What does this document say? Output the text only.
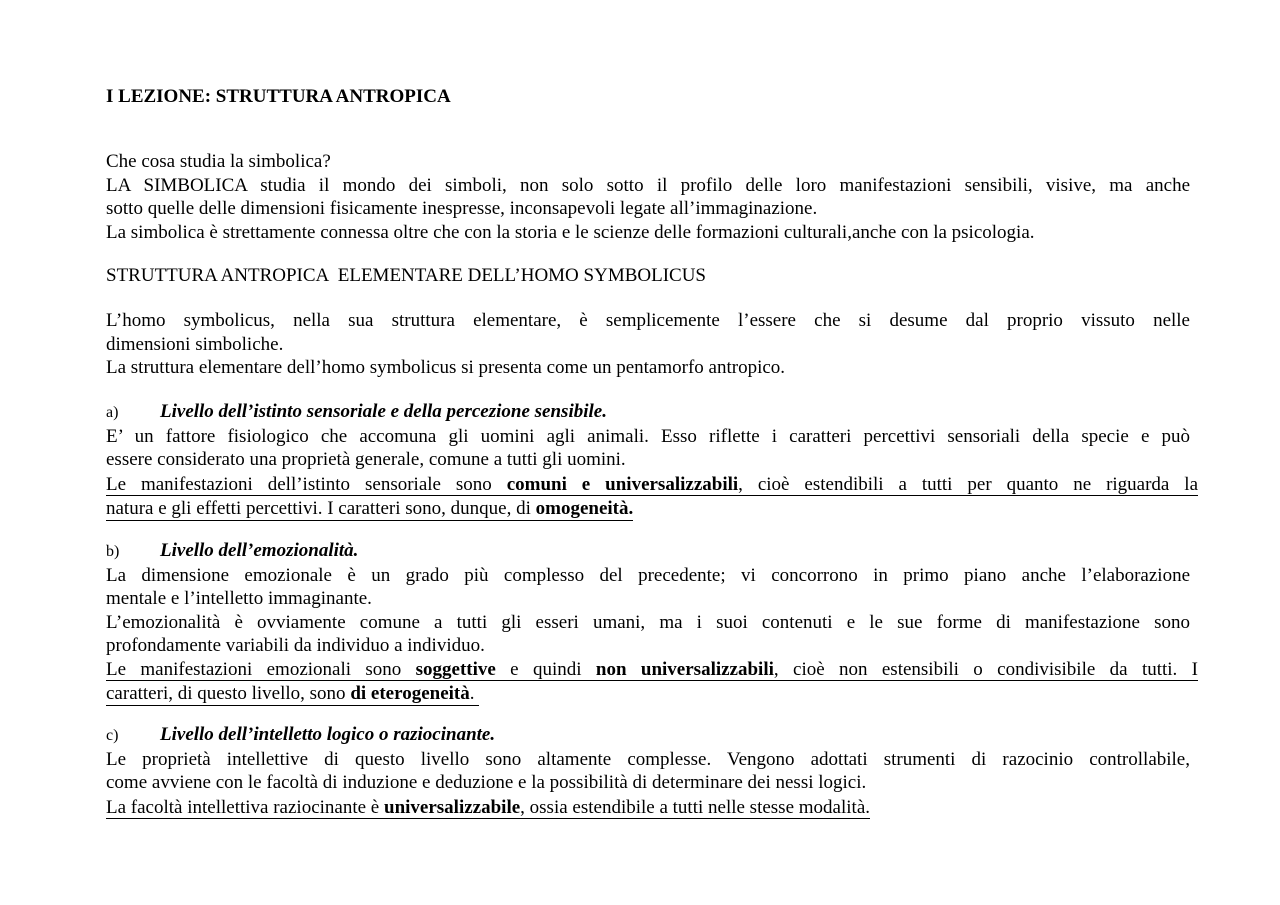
I LEZIONE: STRUTTURA ANTROPICA
Che cosa studia la simbolica?
LA SIMBOLICA studia il mondo dei simboli, non solo sotto il profilo delle loro manifestazioni sensibili, visive, ma anche
sotto quelle delle dimensioni fisicamente inespresse, inconsapevoli legate all’immaginazione.
La simbolica è strettamente connessa oltre che con la storia e le scienze delle formazioni culturali,anche con la psicologia.
STRUTTURA ANTROPICA  ELEMENTARE DELL’HOMO SYMBOLICUS
L’homo symbolicus, nella sua struttura elementare, è semplicemente l’essere che si desume dal proprio vissuto nelle
dimensioni simboliche.
La struttura elementare dell’homo symbolicus si presenta come un pentamorfo antropico.
a) Livello dell’istinto sensoriale e della percezione sensibile.
E’ un fattore fisiologico che accomuna gli uomini agli animali. Esso riflette i caratteri percettivi sensoriali della specie e può
essere considerato una proprietà generale, comune a tutti gli uomini.
Le manifestazioni dell’istinto sensoriale sono comuni e universalizzabili, cioè estendibili a tutti per quanto ne riguarda la
natura e gli effetti percettivi. I caratteri sono, dunque, di omogeneità.
b) Livello dell’emozionalità.
La dimensione emozionale è un grado più complesso del precedente; vi concorrono in primo piano anche l’elaborazione
mentale e l’intelletto immaginante.
L’emozionalità è ovviamente comune a tutti gli esseri umani, ma i suoi contenuti e le sue forme di manifestazione sono
profondamente variabili da individuo a individuo.
Le manifestazioni emozionali sono soggettive e quindi non universalizzabili, cioè non estensibili o condivisibile da tutti. I
caratteri, di questo livello, sono di eterogeneità.
c) Livello dell’intelletto logico o raziocinante.
Le proprietà intellettive di questo livello sono altamente complesse. Vengono adottati strumenti di razocinio controllabile,
come avviene con le facoltà di induzione e deduzione e la possibilità di determinare dei nessi logici.
La facoltà intellettiva raziocinante è universalizzabile, ossia estendibile a tutti nelle stesse modalità.
